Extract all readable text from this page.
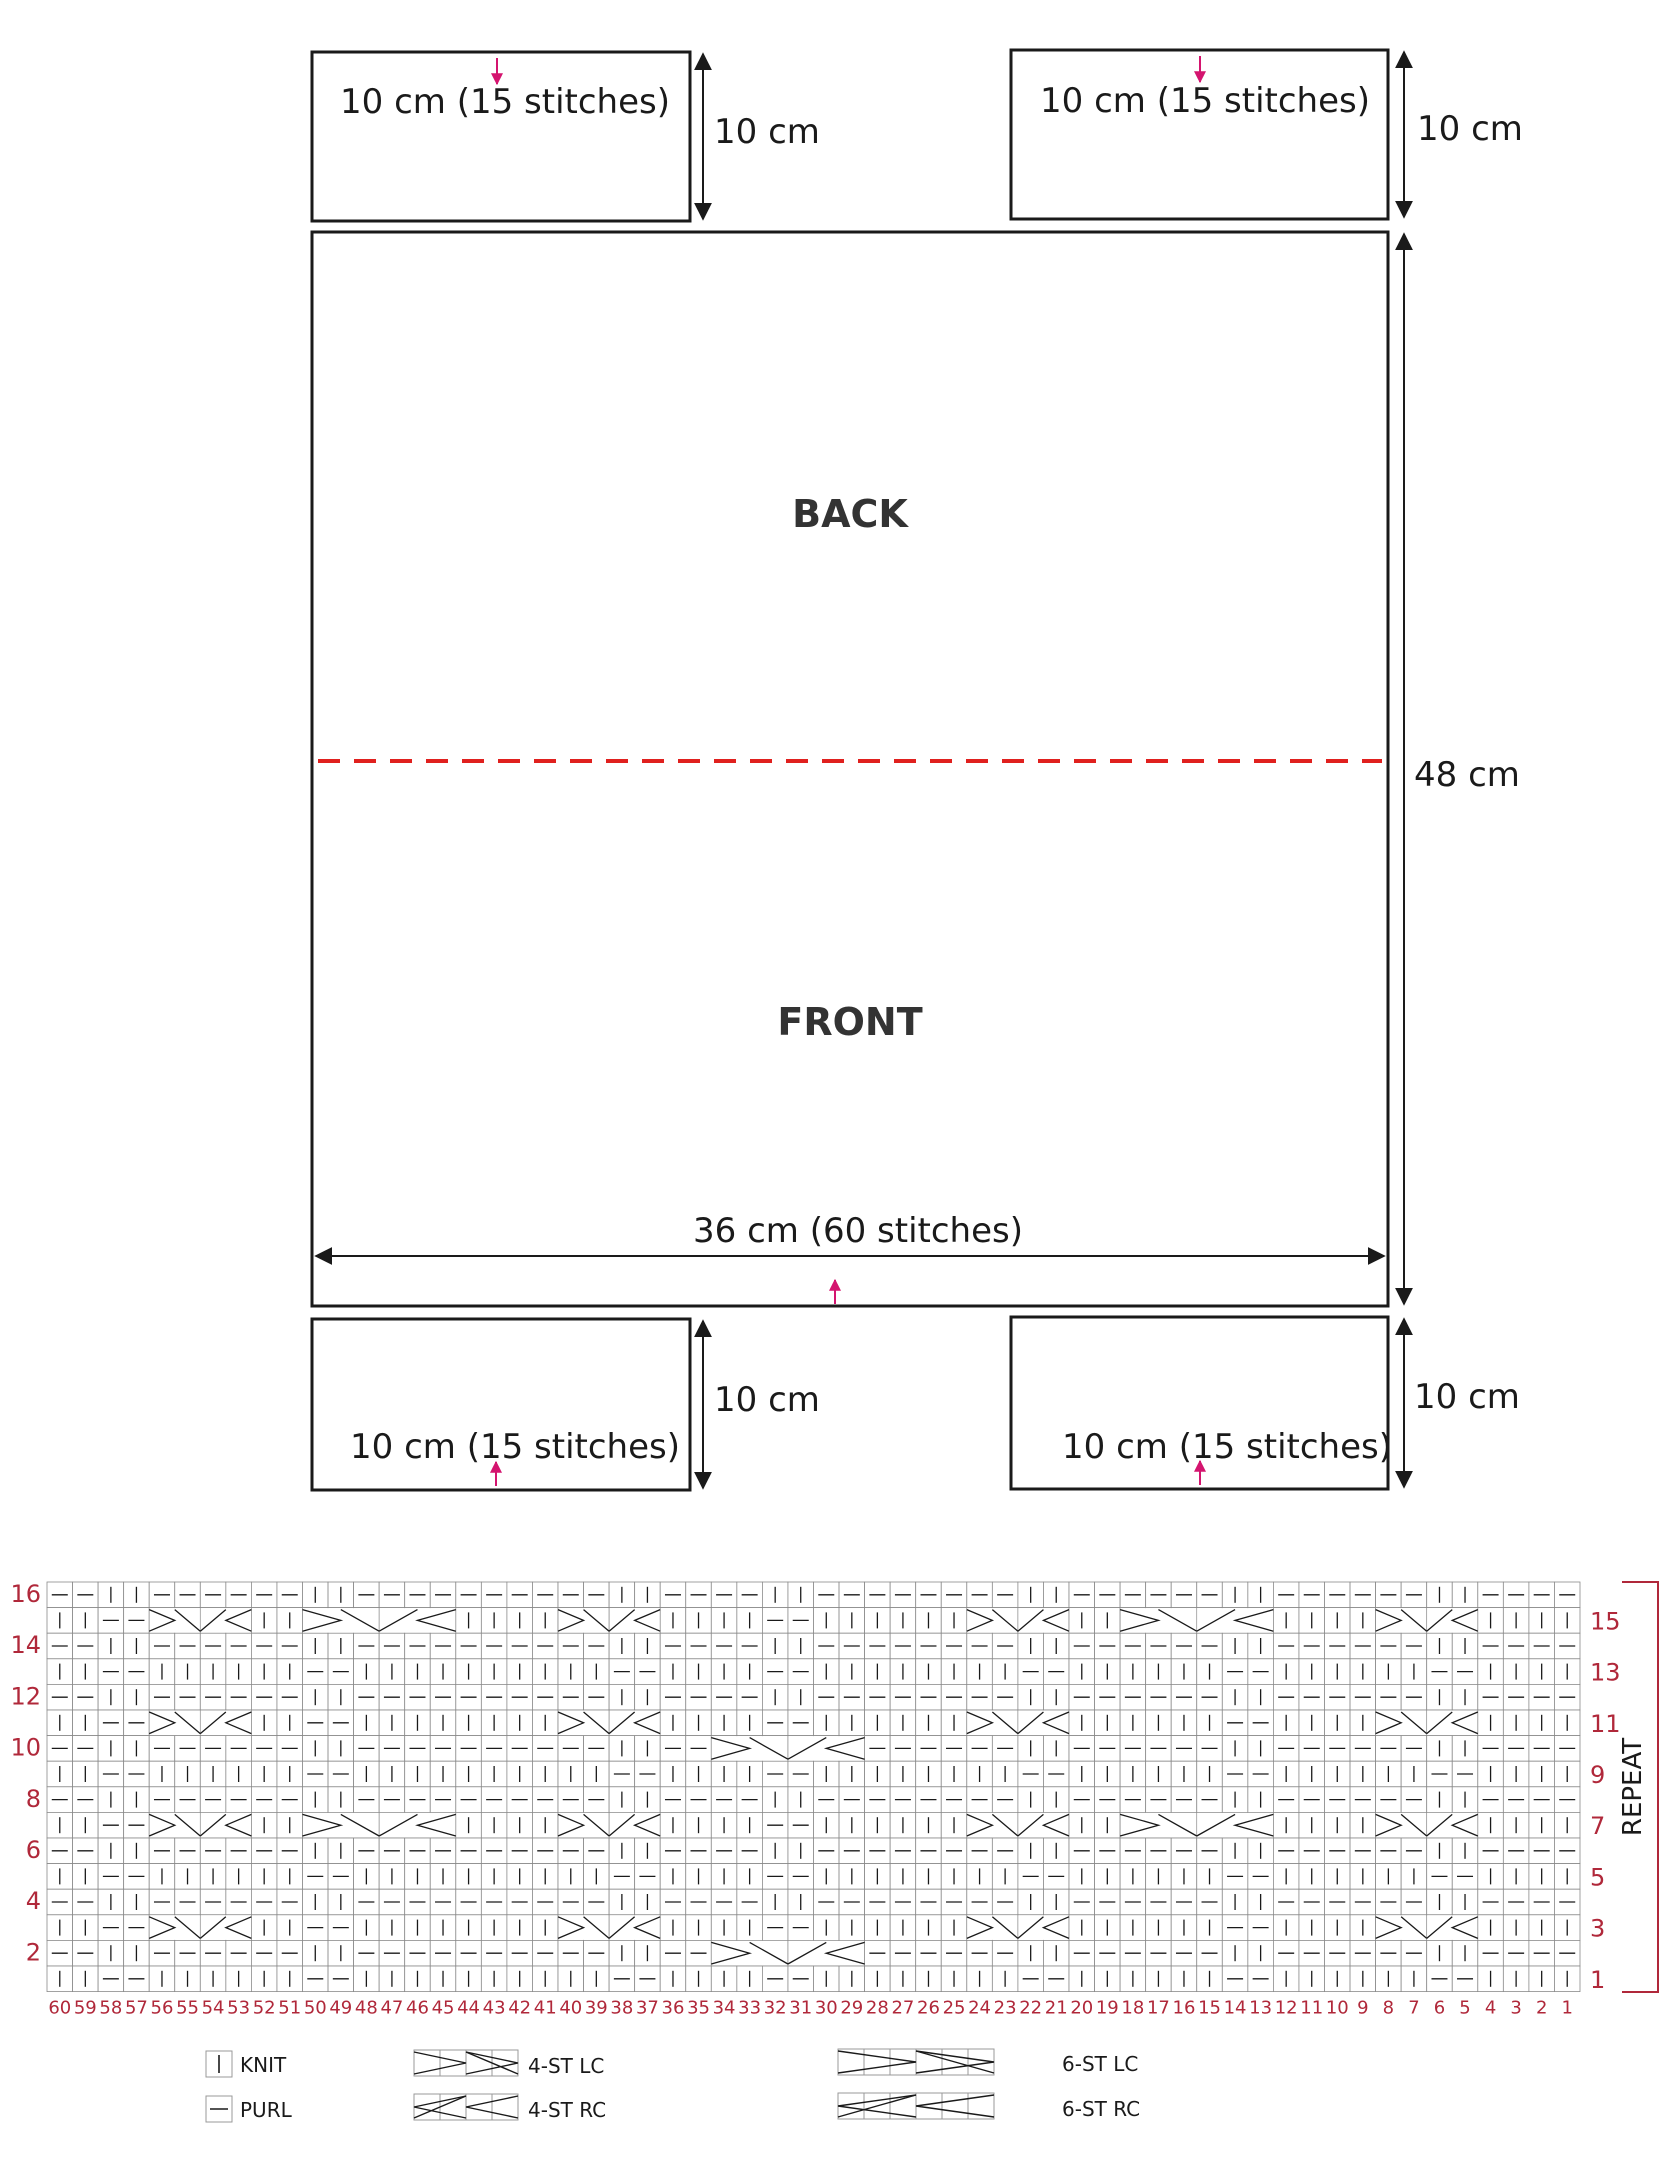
BACK
FRONT
36 cm (60 stitches)
48 cm
10 cm (15 stitches)
10 cm
10 cm (15 stitches)
10 cm
10 cm (15 stitches)
10 cm
10 cm (15 stitches)
10 cm
16
14
12
10
8
6
4
2
15
13
11
9
7
5
3
1
60 59 58 57 56 55 54 53 52 51 50 49 48 47 46 45 44 43 42 41 40 39 38 37 36 35 34 33 32 31 30 29 28 27 26 25 24 23 22 21 20 19 18 17 16 15 14 13 12 11 10 9 8 7 6 5 4 3 2 1
REPEAT
KNIT
PURL
4-ST LC
4-ST RC
6-ST LC
6-ST RC
